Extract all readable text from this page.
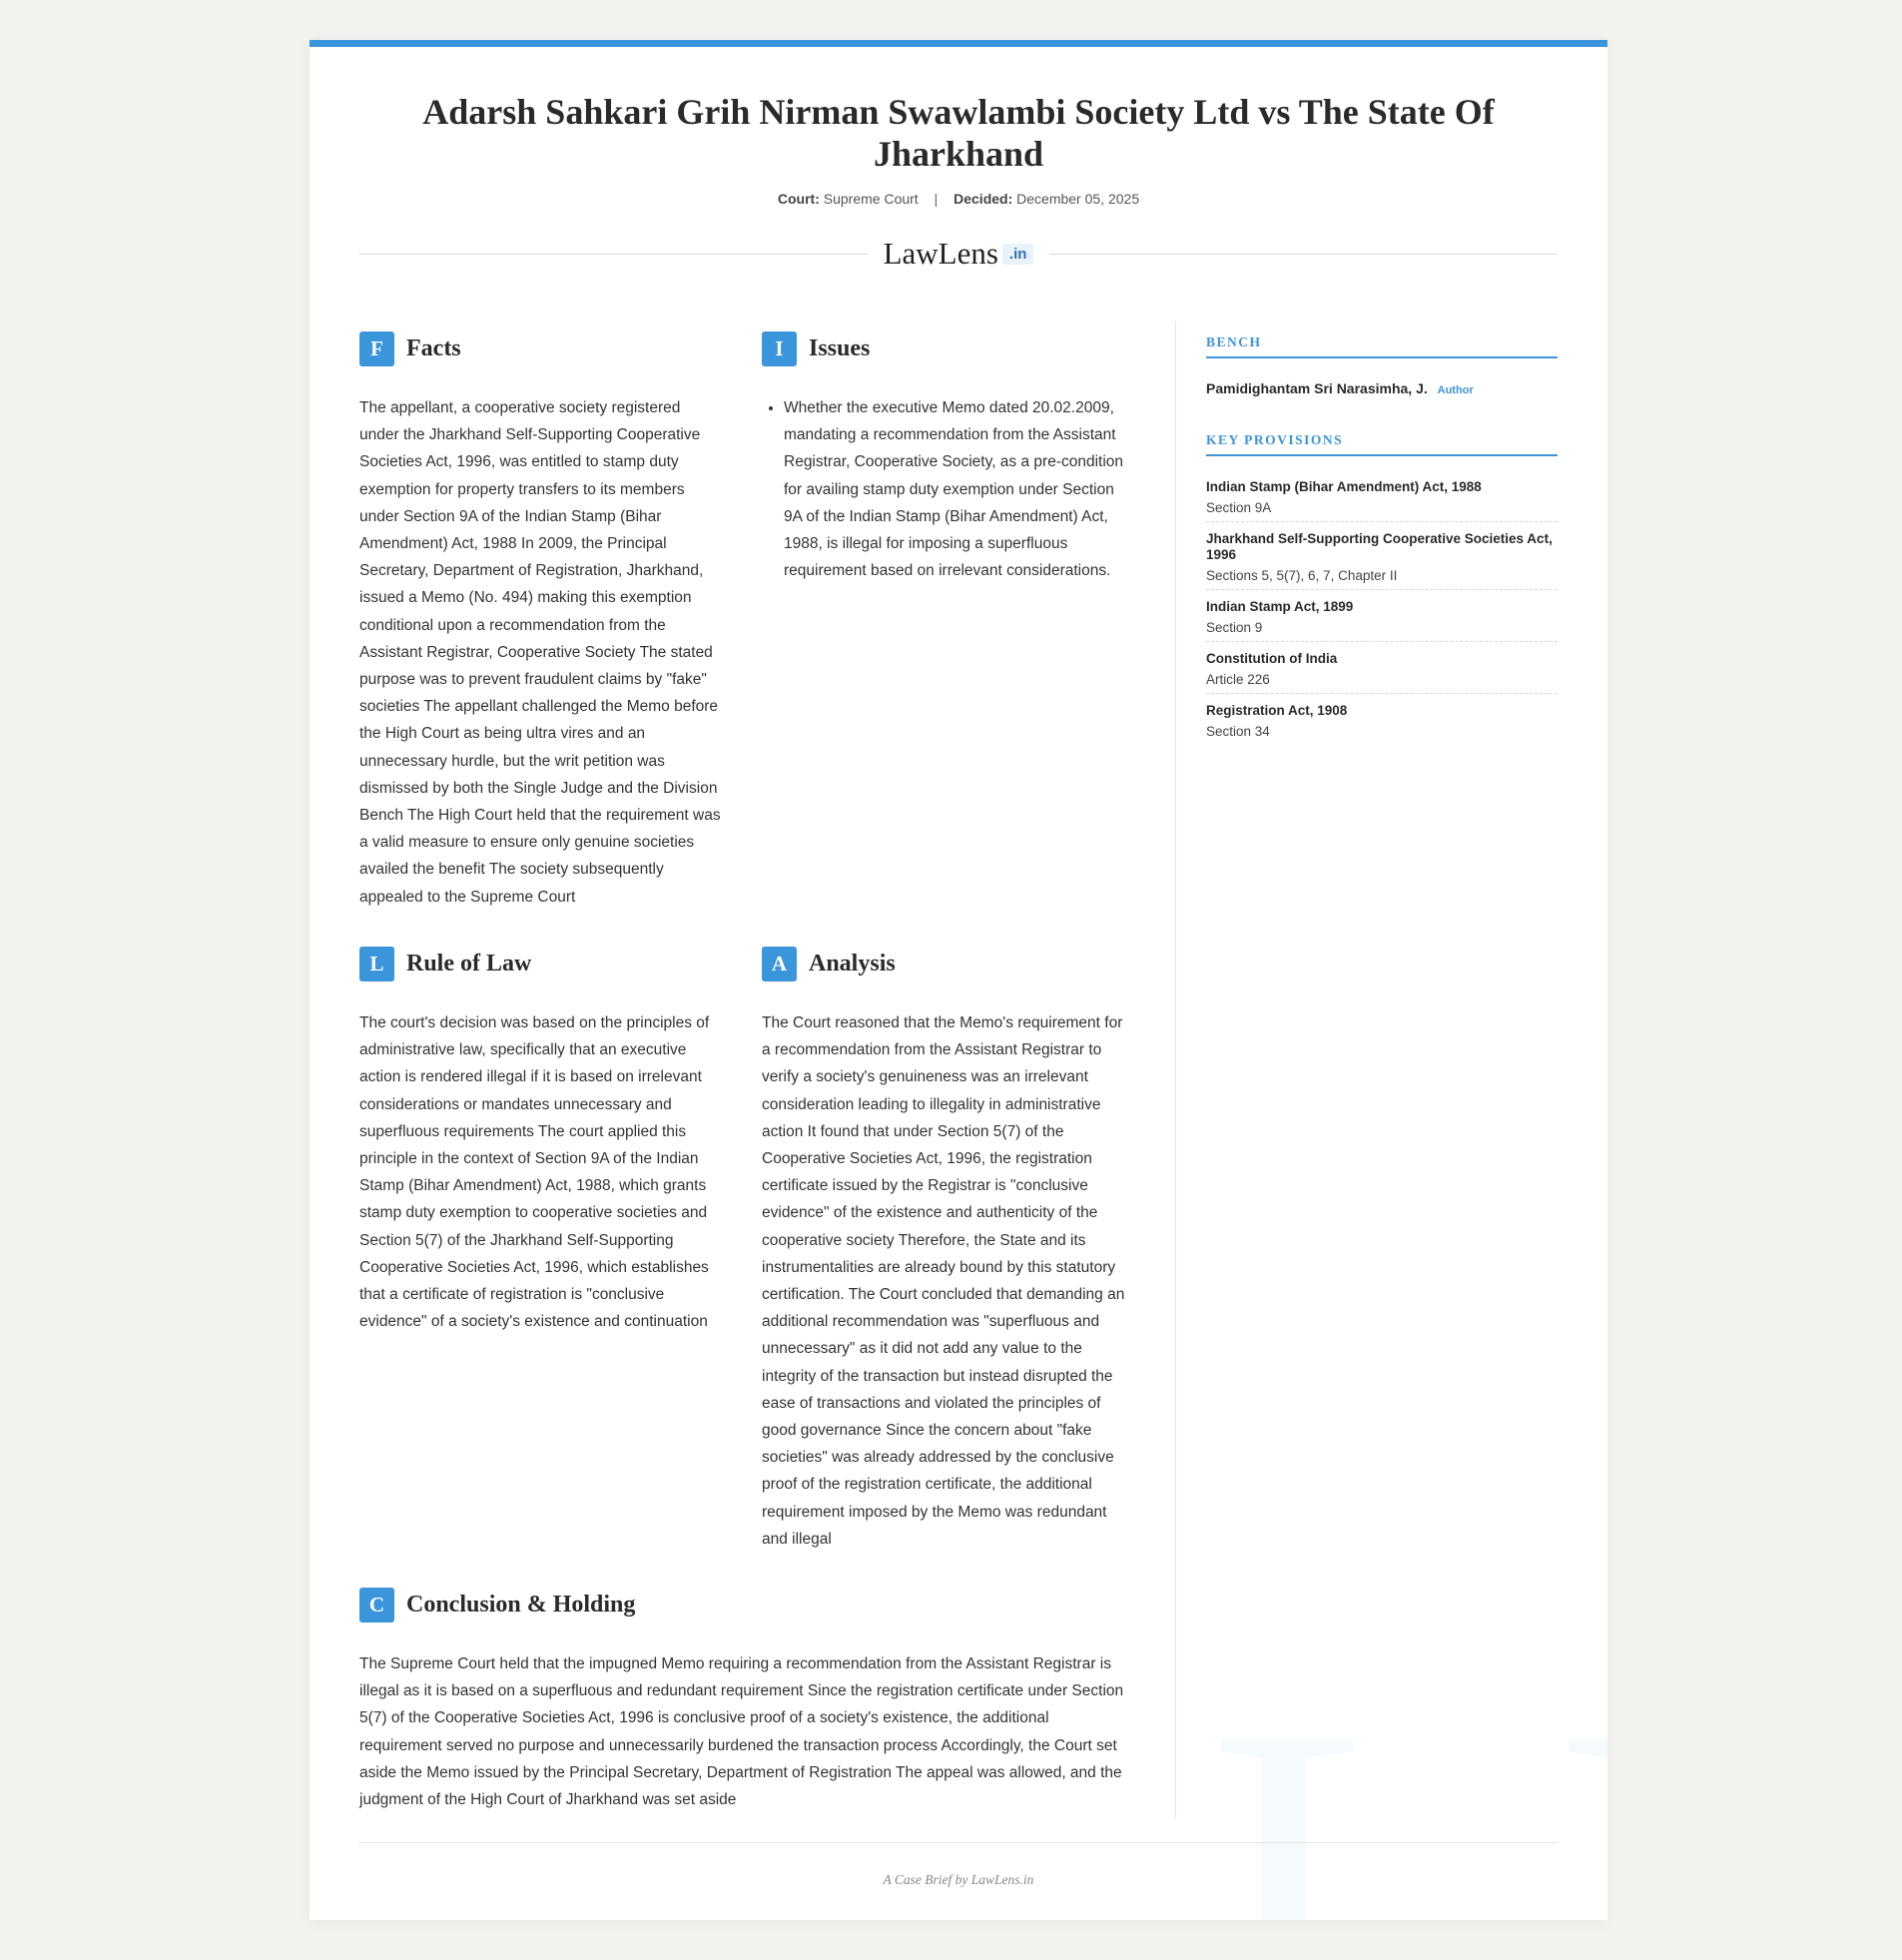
Adarsh Sahkari Grih Nirman Swawlambi Society Ltd vs The State Of Jharkhand
Court: Supreme Court | Decided: December 05, 2025
LawLens .in
F Facts
The appellant, a cooperative society registered under the Jharkhand Self-Supporting Cooperative Societies Act, 1996, was entitled to stamp duty exemption for property transfers to its members under Section 9A of the Indian Stamp (Bihar Amendment) Act, 1988 In 2009, the Principal Secretary, Department of Registration, Jharkhand, issued a Memo (No. 494) making this exemption conditional upon a recommendation from the Assistant Registrar, Cooperative Society The stated purpose was to prevent fraudulent claims by "fake" societies The appellant challenged the Memo before the High Court as being ultra vires and an unnecessary hurdle, but the writ petition was dismissed by both the Single Judge and the Division Bench The High Court held that the requirement was a valid measure to ensure only genuine societies availed the benefit The society subsequently appealed to the Supreme Court
I	Issues
• Whether the executive Memo dated 20.02.2009, mandating a recommendation from the Assistant Registrar, Cooperative Society, as a pre-condition for availing stamp duty exemption under Section 9A of the Indian Stamp (Bihar Amendment) Act, 1988, is illegal for imposing a superfluous requirement based on irrelevant considerations.
L Rule of Law
The court's decision was based on the principles of administrative law, specifically that an executive action is rendered illegal if it is based on irrelevant considerations or mandates unnecessary and superfluous requirements The court applied this principle in the context of Section 9A of the Indian Stamp (Bihar Amendment) Act, 1988, which grants stamp duty exemption to cooperative societies and Section 5(7) of the Jharkhand Self-Supporting Cooperative Societies Act, 1996, which establishes that a certificate of registration is "conclusive evidence" of a society's existence and continuation
A Analysis
The Court reasoned that the Memo's requirement for a recommendation from the Assistant Registrar to verify a society's genuineness was an irrelevant consideration leading to illegality in administrative action It found that under Section 5(7) of the Cooperative Societies Act, 1996, the registration certificate issued by the Registrar is "conclusive evidence" of the existence and authenticity of the cooperative society Therefore, the State and its instrumentalities are already bound by this statutory certification. The Court concluded that demanding an additional recommendation was "superfluous and unnecessary" as it did not add any value to the integrity of the transaction but instead disrupted the ease of transactions and violated the principles of good governance Since the concern about "fake societies" was already addressed by the conclusive proof of the registration certificate, the additional requirement imposed by the Memo was redundant and illegal
C Conclusion & Holding
The Supreme Court held that the impugned Memo requiring a recommendation from the Assistant Registrar is illegal as it is based on a superfluous and redundant requirement Since the registration certificate under Section 5(7) of the Cooperative Societies Act, 1996 is conclusive proof of a society's existence, the additional requirement served no purpose and unnecessarily burdened the transaction process Accordingly, the Court set aside the Memo issued by the Principal Secretary, Department of Registration The appeal was allowed, and the judgment of the High Court of Jharkhand was set aside
BENCH
Pamidighantam Sri Narasimha, J. Author
KEY PROVISIONS
Indian Stamp (Bihar Amendment) Act, 1988
Section 9A
Jharkhand Self-Supporting Cooperative Societies Act, 1996
Sections 5, 5(7), 6, 7, Chapter II
Indian Stamp Act, 1899
Section 9
Constitution of India
Article 226
Registration Act, 1908
Section 34
A Case Brief by LawLens.in
